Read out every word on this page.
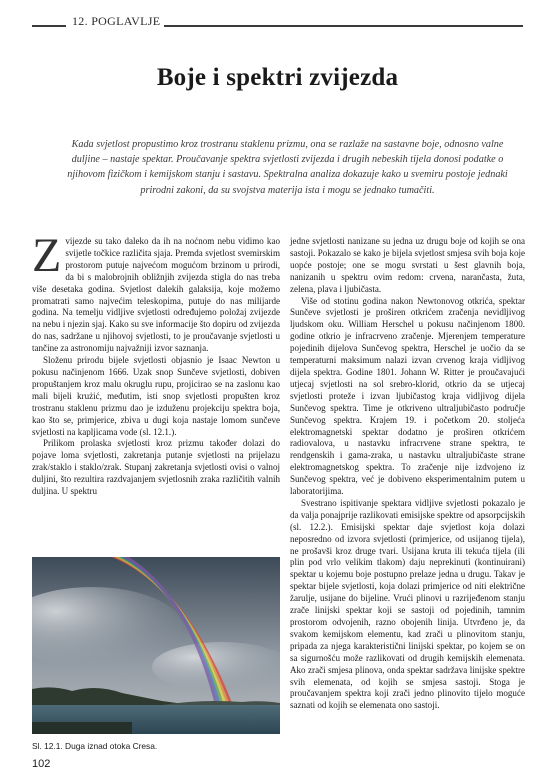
12. POGLAVLJE
Boje i spektri zvijezda
Kada svjetlost propustimo kroz trostranu staklenu prizmu, ona se razlaže na sastavne boje, odnosno valne duljine – nastaje spektar. Proučavanje spektra svjetlosti zvijezda i drugih nebeskih tijela donosi podatke o njihovom fizičkom i kemijskom stanju i sastavu. Spektralna analiza dokazuje kako u svemiru postoje jednaki prirodni zakoni, da su svojstva materija ista i mogu se jednako tumačiti.

Zvijezde su tako daleko da ih na noćnom nebu vidimo kao svijetle točkice različita sjaja. Premda svjetlost svemirskim prostorom putuje najvećom mogućom brzinom u prirodi, da bi s malobrojnih obližnjih zvijezda stigla do nas treba više desetaka godina. Svjetlost dalekih galaksija, koje možemo promatrati samo najvećim teleskopima, putuje do nas milijarde godina. Na temelju vidljive svjetlosti određujemo položaj zvijezde na nebu i njezin sjaj. Kako su sve informacije što dopiru od zvijezda do nas, sadržane u njihovoj svjetlosti, to je proučavanje svjetlosti u tančine za astronomiju najvažniji izvor saznanja.

Složenu prirodu bijele svjetlosti objasnio je Isaac Newton u pokusu načinjenom 1666. Uzak snop Sunčeve svjetlosti, dobiven propuštanjem kroz malu okruglu rupu, projicirao se na zaslonu kao mali bijeli krużić, međutim, isti snop svjetlosti propušten kroz trostranu staklenu prizmu dao je izduženu projekciju spektra boja, kao što se, primjerice, zbiva u dugi koja nastaje lomom sunčeve svjetlosti na kapljicama vode (sl. 12.1.).

Prilikom prolaska svjetlosti kroz prizmu također dolazi do pojave loma svjetlosti, zakretanja putanje svjetlosti na prijelazu zrak/staklo i staklo/zrak. Stupanj zakretanja svjetlosti ovisi o valnoj duljini, što rezultira razdvajanjem svjetlosnih zraka različitih valnih duljina. U spektru

jedne svjetlosti nanizane su jedna uz drugu boje od kojih se ona sastoji. Pokazalo se kako je bijela svjetlost smjesa svih boja koje uopće postoje; one se mogu svrstati u šest glavnih boja, nanizanih u spektru ovim redom: crvena, narančasta, žuta, zelena, plava i ljubičasta.

Više od stotinu godina nakon Newtonovog otkrića, spektar Sunčeve svjetlosti je proširen otkrićem zračenja nevidljivog ljudskom oku. William Herschel u pokusu načinjenom 1800. godine otkrio je infracrveno zračenje. Mjerenjem temperature pojedinih dijelova Sunčevog spektra, Herschel je uočio da se temperaturni maksimum nalazi izvan crvenog kraja vidljivog dijela spektra. Godine 1801. Johann W. Ritter je proučavajući utjecaj svjetlosti na sol srebro-klorid, otkrio da se utjecaj svjetlosti proteže i izvan ljubičastog kraja vidljivog dijela Sunčevog spektra. Time je otkriveno ultraljubičasto područje Sunčevog spektra. Krajem 19. i početkom 20. stoljeća elektromagnetski spektar dodatno je proširen otkrićem radiovalova, u nastavku infracrvene strane spektra, te rendgenskih i gama-zraka, u nastavku ultraljubičaste strane elektromagnetskog spektra. To zračenje nije izdvojeno iz Sunčevog spektra, već je dobiveno eksperimentalnim putem u laboratorijima.

Svestrano ispitivanje spektara vidljive svjetlosti pokazalo je da valja ponajprije razlikovati emisijske spektre od apsorpcijskih (sl. 12.2.). Emisijski spektar daje svjetlost koja dolazi neposredno od izvora svjetlosti (primjerice, od usijanog tijela), ne prošavši kroz druge tvari. Usijana kruta ili tekuća tijela (ili plin pod vrlo velikim tlakom) daju neprekinuti (kontinuirani) spektar u kojemu boje postupno prelaze jedna u drugu. Takav je spektar bijele svjetlosti, koja dolazi primjerice od niti električne žarulje, usijane do bijeline. Vrući plinovi u razrijeđenom stanju zrače linijski spektar koji se sastoji od pojedinih, tamnim prostorom odvojenih, razno obojenih linija. Utvrđeno je, da svakom kemijskom elementu, kad zrači u plinovitom stanju, pripada za njega karakteristični linijski spektar, po kojem se on sa sigurnošću može razlikovati od drugih kemijskih elemenata. Ako zrači smjesa plinova, onda spektar sadržava linijske spektre svih elemenata, od kojih se smjesa sastoji. Stoga je proučavanjem spektra koji zrači jedno plinovito tijelo moguće saznati od kojih se elemenata ono sastoji.

Sl. 12.1. Duga iznad otoka Cresa.
102
